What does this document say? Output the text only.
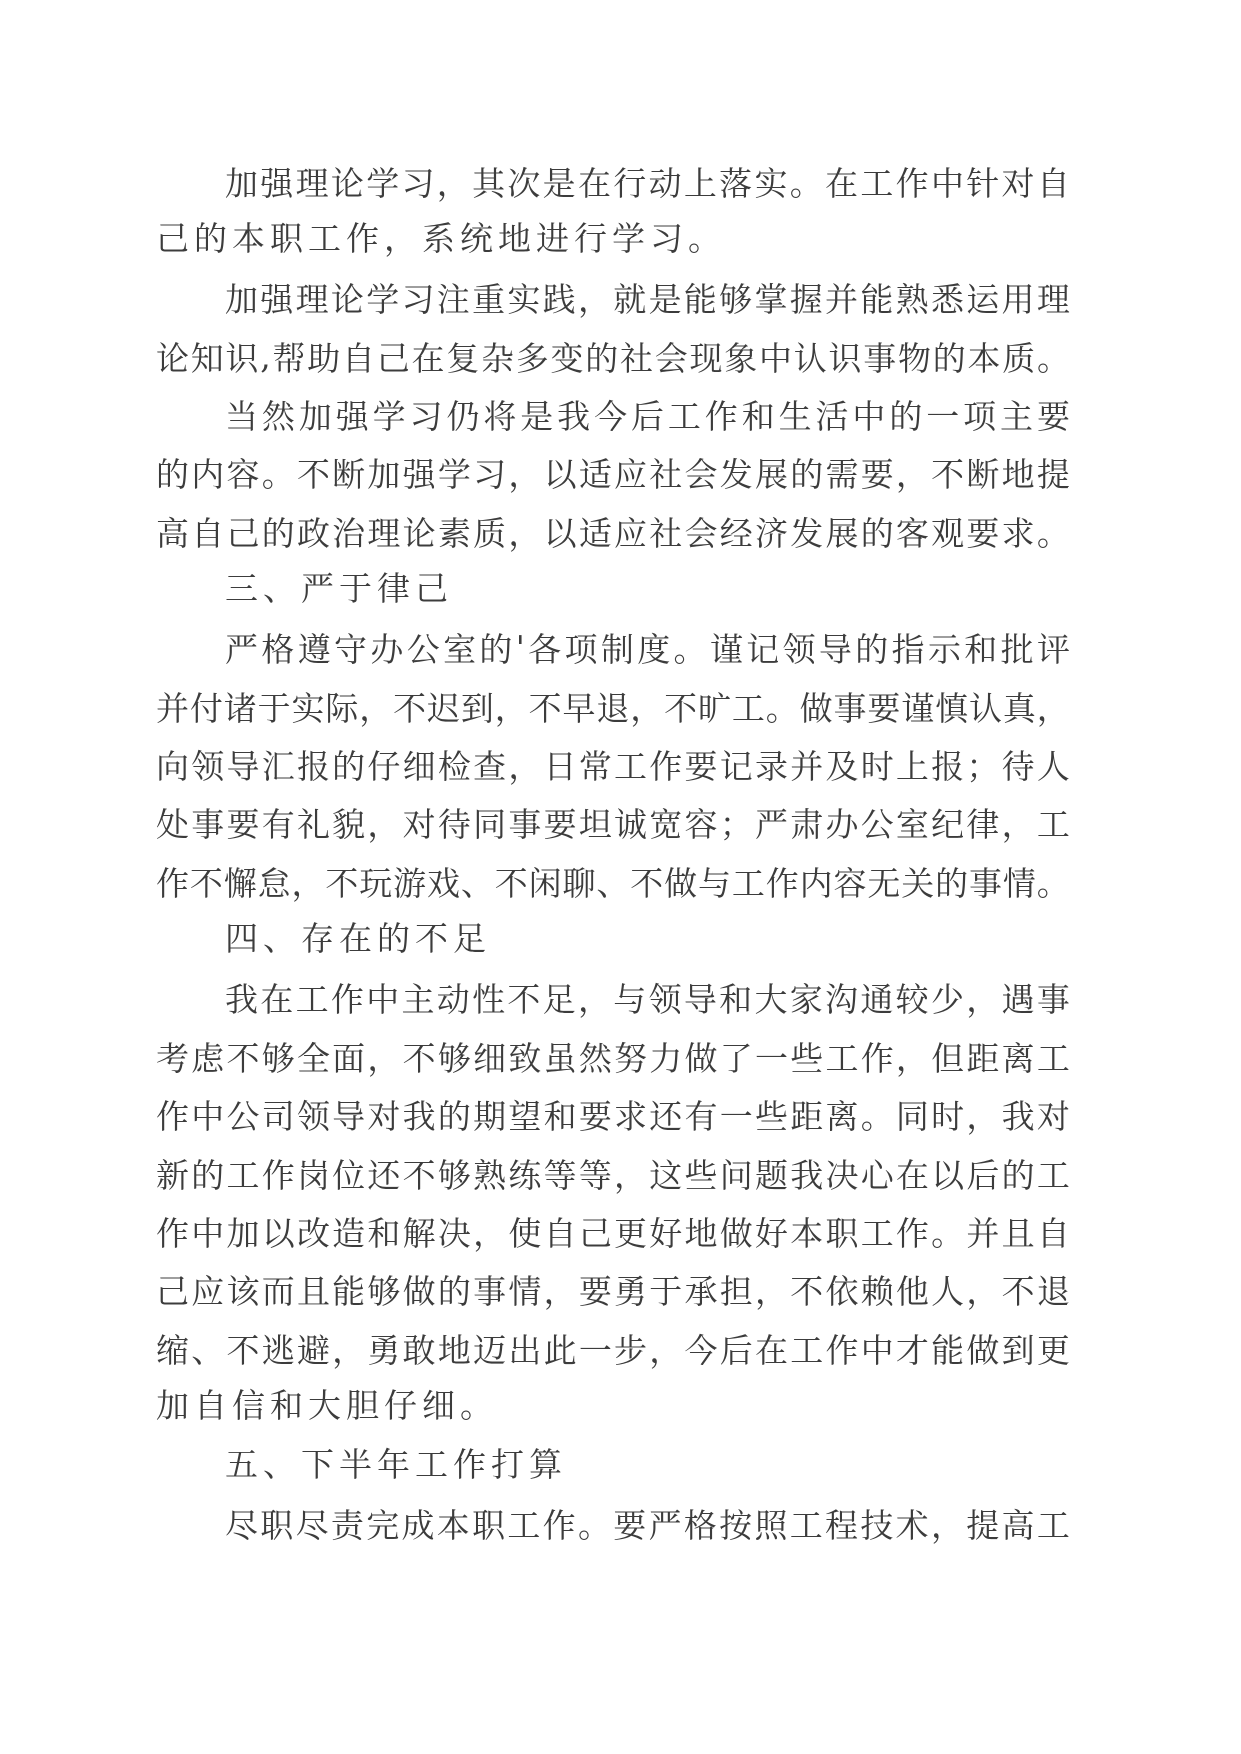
加 强 理 论 学 习 ， 其 次 是 在 行 动 上 落 实 。 在 工 作 中 针 对 自
己的本职工作，系统地进行学习。
加 强 理 论 学 习 注 重 实 践 ， 就 是 能 够 掌 握 并 能 熟 悉 运 用 理
论 知 识 , 帮 助 自 己 在 复 杂 多 变 的 社 会 现 象 中 认 识 事 物 的 本 质 。
当 然 加 强 学 习 仍 将 是 我 今 后 工 作 和 生 活 中 的 一 项 主 要
的 内 容 。 不 断 加 强 学 习 ， 以 适 应 社 会 发 展 的 需 要 ， 不 断 地 提
高 自 己 的 政 治 理 论 素 质 ， 以 适 应 社 会 经 济 发 展 的 客 观 要 求 。
三、严于律己
严 格 遵 守 办 公 室 的 ' 各 项 制 度 。 谨 记 领 导 的 指 示 和 批 评
并 付 诸 于 实 际 ， 不 迟 到 ， 不 早 退 ， 不 旷 工 。 做 事 要 谨 慎 认 真 ，
向 领 导 汇 报 的 仔 细 检 查 ， 日 常 工 作 要 记 录 并 及 时 上 报 ； 待 人
处 事 要 有 礼 貌 ， 对 待 同 事 要 坦 诚 宽 容 ； 严 肃 办 公 室 纪 律 ， 工
作 不 懈 怠 ， 不 玩 游 戏 、 不 闲 聊 、 不 做 与 工 作 内 容 无 关 的 事 情 。
四、存在的不足
我 在 工 作 中 主 动 性 不 足 ， 与 领 导 和 大 家 沟 通 较 少 ， 遇 事
考 虑 不 够 全 面 ， 不 够 细 致 虽 然 努 力 做 了 一 些 工 作 ， 但 距 离 工
作 中 公 司 领 导 对 我 的 期 望 和 要 求 还 有 一 些 距 离 。 同 时 ， 我 对
新 的 工 作 岗 位 还 不 够 熟 练 等 等 ， 这 些 问 题 我 决 心 在 以 后 的 工
作 中 加 以 改 造 和 解 决 ， 使 自 己 更 好 地 做 好 本 职 工 作 。 并 且 自
己 应 该 而 且 能 够 做 的 事 情 ， 要 勇 于 承 担 ， 不 依 赖 他 人 ， 不 退
缩 、 不 逃 避 ， 勇 敢 地 迈 出 此 一 步 ， 今 后 在 工 作 中 才 能 做 到 更
加自信和大胆仔细。
五、下半年工作打算
尽 职 尽 责 完 成 本 职 工 作 。 要 严 格 按 照 工 程 技 术 ， 提 高 工
